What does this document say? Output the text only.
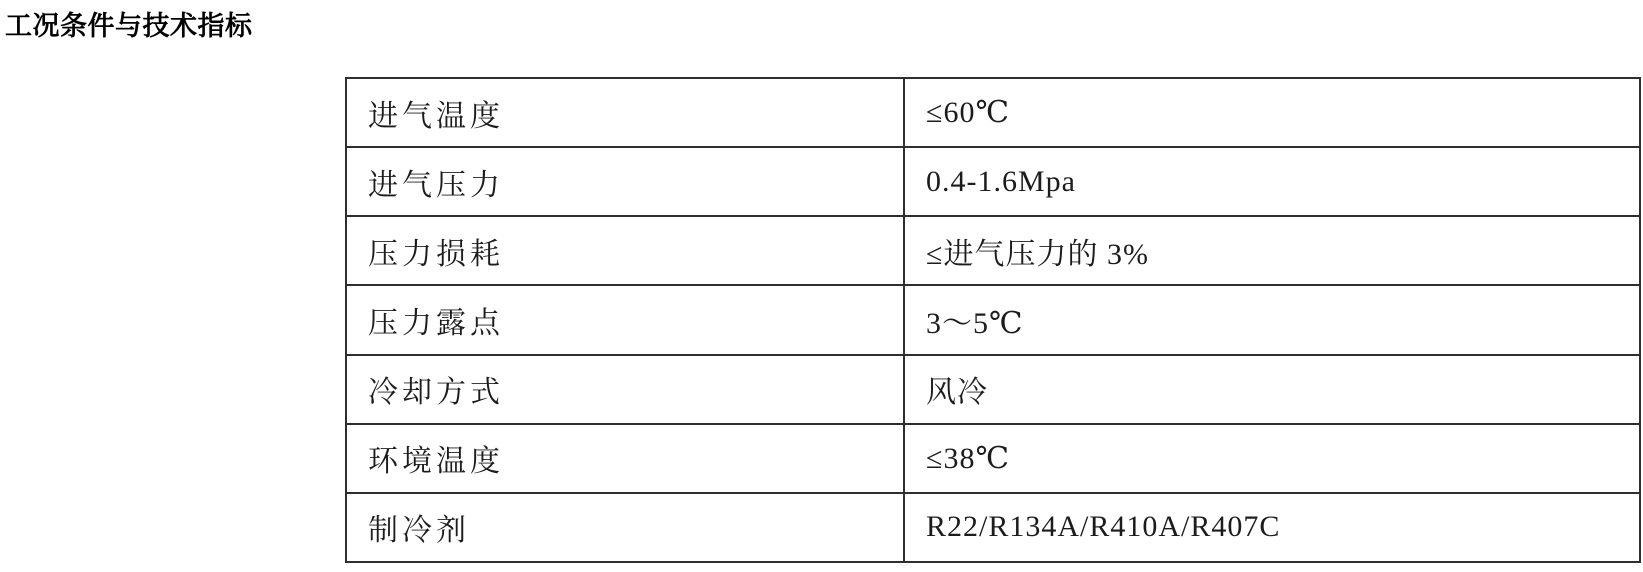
工况条件与技术指标
进气温度	≤60℃
进气压力	0.4-1.6Mpa
压力损耗	≤进气压力的 3%
压力露点	3～5℃
冷却方式	风冷
环境温度	≤38℃
制冷剂	R22/R134A/R410A/R407C
